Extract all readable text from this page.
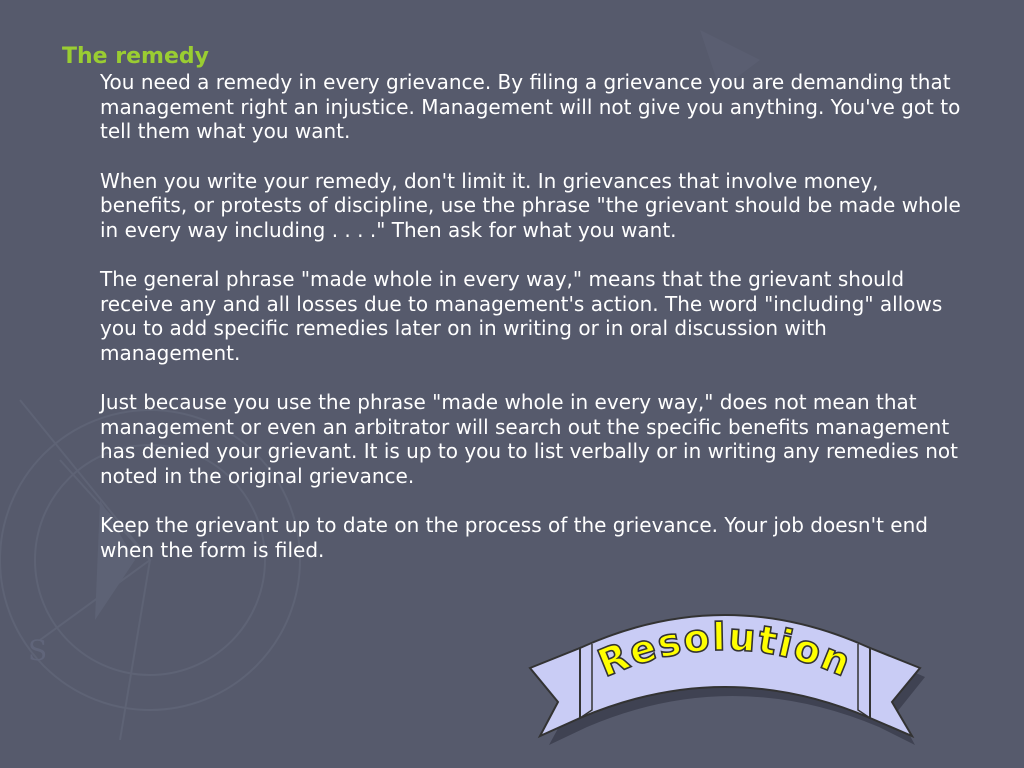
S
The remedy

You need a remedy in every grievance. By filing a grievance you are demanding that management right an injustice. Management will not give you anything. You've got to tell them what you want.

When you write your remedy, don't limit it. In grievances that involve money, benefits, or protests of discipline, use the phrase "the grievant should be made whole in every way including . . . ." Then ask for what you want.

The general phrase "made whole in every way," means that the grievant should receive any and all losses due to management's action. The word "including" allows you to add specific remedies later on in writing or in oral discussion with management.

Just because you use the phrase "made whole in every way," does not mean that management or even an arbitrator will search out the specific benefits management has denied your grievant. It is up to you to list verbally or in writing any remedies not noted in the original grievance.

Keep the grievant up to date on the process of the grievance. Your job doesn't end when the form is filed.

Resolution
